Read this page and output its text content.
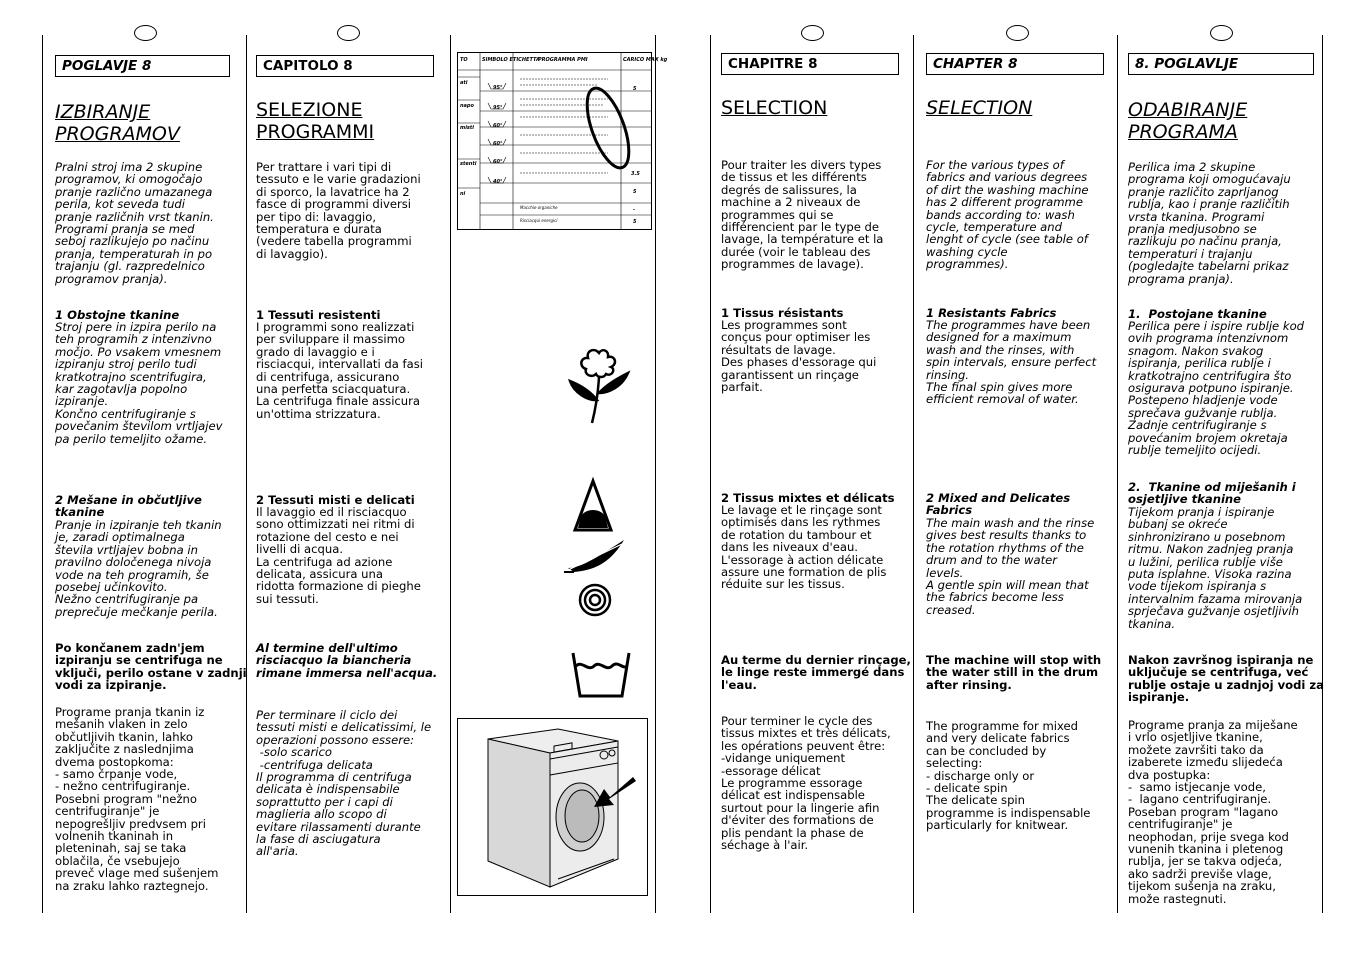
POGLAVJE 8
IZBIRANJE
PROGRAMOV
Pralni stroj ima 2 skupine
programov, ki omogočajo
pranje različno umazanega
perila, kot seveda tudi
pranje različnih vrst tkanin.
Programi pranja se med
seboj razlikujejo po načinu
pranja, temperaturah in po
trajanju (gl. razpredelnico
programov pranja).
1 Obstojne tkanine
Stroj pere in izpira perilo na
teh programih z intenzivno
močjo. Po vsakem vmesnem
izpiranju stroj perilo tudi
kratkotrajno scentrifugira,
kar zagotavlja popolno
izpiranje.
Končno centrifugiranje s
povečanim številom vrtljajev
pa perilo temeljito ožame.
2 Mešane in občutljive
tkanine
Pranje in izpiranje teh tkanin
je, zaradi optimalnega
števila vrtljajev bobna in
pravilno določenega nivoja
vode na teh programih, še
posebej učinkovito.
Nežno centrifugiranje pa
preprečuje mečkanje perila.
Po končanem zadn'jem
izpiranju se centrifuga ne
vključi, perilo ostane v zadnji
vodi za izpiranje.
Programe pranja tkanin iz
mešanih vlaken in zelo
občutljivih tkanin, lahko
zaključite z naslednjima
dvema postopkoma:
- samo črpanje vode,
- nežno centrifugiranje.
Posebni program "nežno
centrifugiranje" je
nepogrešljiv predvsem pri
volnenih tkaninah in
pleteninah, saj se taka
oblačila, če vsebujejo
preveč vlage med sušenjem
na zraku lahko raztegnejo.
CAPITOLO 8
SELEZIONE
PROGRAMMI
Per trattare i vari tipi di
tessuto e le varie gradazioni
di sporco, la lavatrice ha 2
fasce di programmi diversi
per tipo di: lavaggio,
temperatura e durata
(vedere tabella programmi
di lavaggio).
1 Tessuti resistenti
I programmi sono realizzati
per sviluppare il massimo
grado di lavaggio e i
risciacqui, intervallati da fasi
di centrifuga, assicurano
una perfetta sciacquatura.
La centrifuga finale assicura
un'ottima strizzatura.
2 Tessuti misti e delicati
Il lavaggio ed il risciacquo
sono ottimizzati nei ritmi di
rotazione del cesto e nei
livelli di acqua.
La centrifuga ad azione
delicata, assicura una
ridotta formazione di pieghe
sui tessuti.
Al termine dell'ultimo
risciacquo la biancheria
rimane immersa nell'acqua.
Per terminare il ciclo dei
tessuti misti e delicatissimi, le
operazioni possono essere:
-solo scarico
-centrifuga delicata
Il programma di centrifuga
delicata è indispensabile
soprattutto per i capi di
maglieria allo scopo di
evitare rilassamenti durante
la fase di asciugatura
all'aria.
TO	SIMBOLO ETICHETTA
PROGRAMMA PMI	CARICO MAX kg
ati
napo
misti
stenti
ni
95°
95°
60°
60°
60°
40°
5
3.5
5
-
5
Macchie organiche
Risciacqui energici
CHAPITRE 8
SELECTION
Pour traiter les divers types
de tissus et les différents
degrés de salissures, la
machine a 2 niveaux de
programmes qui se
différencient par le type de
lavage, la température et la
durée (voir le tableau des
programmes de lavage).
1 Tissus résistants
Les programmes sont
conçus pour optimiser les
résultats de lavage.
Des phases d'essorage qui
garantissent un rinçage
parfait.
2 Tissus mixtes et délicats
Le lavage et le rinçage sont
optimisés dans les rythmes
de rotation du tambour et
dans les niveaux d'eau.
L'essorage à action délicate
assure une formation de plis
réduite sur les tissus.
Au terme du dernier rinçage,
le linge reste immergé dans
l'eau.
Pour terminer le cycle des
tissus mixtes et très délicats,
les opérations peuvent être:
-vidange uniquement
-essorage délicat
Le programme essorage
délicat est indispensable
surtout pour la lingerie afin
d'éviter des formations de
plis pendant la phase de
séchage à l'air.
CHAPTER 8
SELECTION
For the various types of
fabrics and various degrees
of dirt the washing machine
has 2 different programme
bands according to: wash
cycle, temperature and
lenght of cycle (see table of
washing cycle
programmes).
1 Resistants Fabrics
The programmes have been
designed for a maximum
wash and the rinses, with
spin intervals, ensure perfect
rinsing.
The final spin gives more
efficient removal of water.
2 Mixed and Delicates
Fabrics
The main wash and the rinse
gives best results thanks to
the rotation rhythms of the
drum and to the water
levels.
A gentle spin will mean that
the fabrics become less
creased.
The machine will stop with
the water still in the drum
after rinsing.
The programme for mixed
and very delicate fabrics
can be concluded by
selecting:
- discharge only or
- delicate spin
The delicate spin
programme is indispensable
particularly for knitwear.
8. POGLAVLJE
ODABIRANJE
PROGRAMA
Perilica ima 2 skupine
programa koji omogućavaju
pranje različito zaprljanog
rublja, kao i pranje različitih
vrsta tkanina. Programi
pranja medjusobno se
razlikuju po načinu pranja,
temperaturi i trajanju
(pogledajte tabelarni prikaz
programa pranja).
1.  Postojane tkanine
Perilica pere i ispire rublje kod
ovih programa intenzivnom
snagom. Nakon svakog
ispiranja, perilica rublje i
kratkotrajno centrifugira što
osigurava potpuno ispiranje.
Postepeno hladjenje vode
sprečava gužvanje rublja.
Zadnje centrifugiranje s
povećanim brojem okretaja
rublje temeljito ocijedi.
2.  Tkanine od miješanih i
osjetljive tkanine
Tijekom pranja i ispiranje
bubanj se okreće
sinhronizirano u posebnom
ritmu. Nakon zadnjeg pranja
u lužini, perilica rublje više
puta isplahne. Visoka razina
vode tijekom ispiranja s
intervalnim fazama mirovanja
sprječava gužvanje osjetljivih
tkanina.
Nakon završnog ispiranja ne
uključuje se centrifuga, već
rublje ostaje u zadnjoj vodi za
ispiranje.
Programe pranja za miješane
i vrlo osjetljive tkanine,
možete završiti tako da
izaberete između slijedeća
dva postupka:
-  samo istjecanje vode,
-  lagano centrifugiranje.
Poseban program "lagano
centrifugiranje" je
neophodan, prije svega kod
vunenih tkanina i pletenog
rublja, jer se takva odjeća,
ako sadrži previše vlage,
tijekom sušenja na zraku,
može rastegnuti.
